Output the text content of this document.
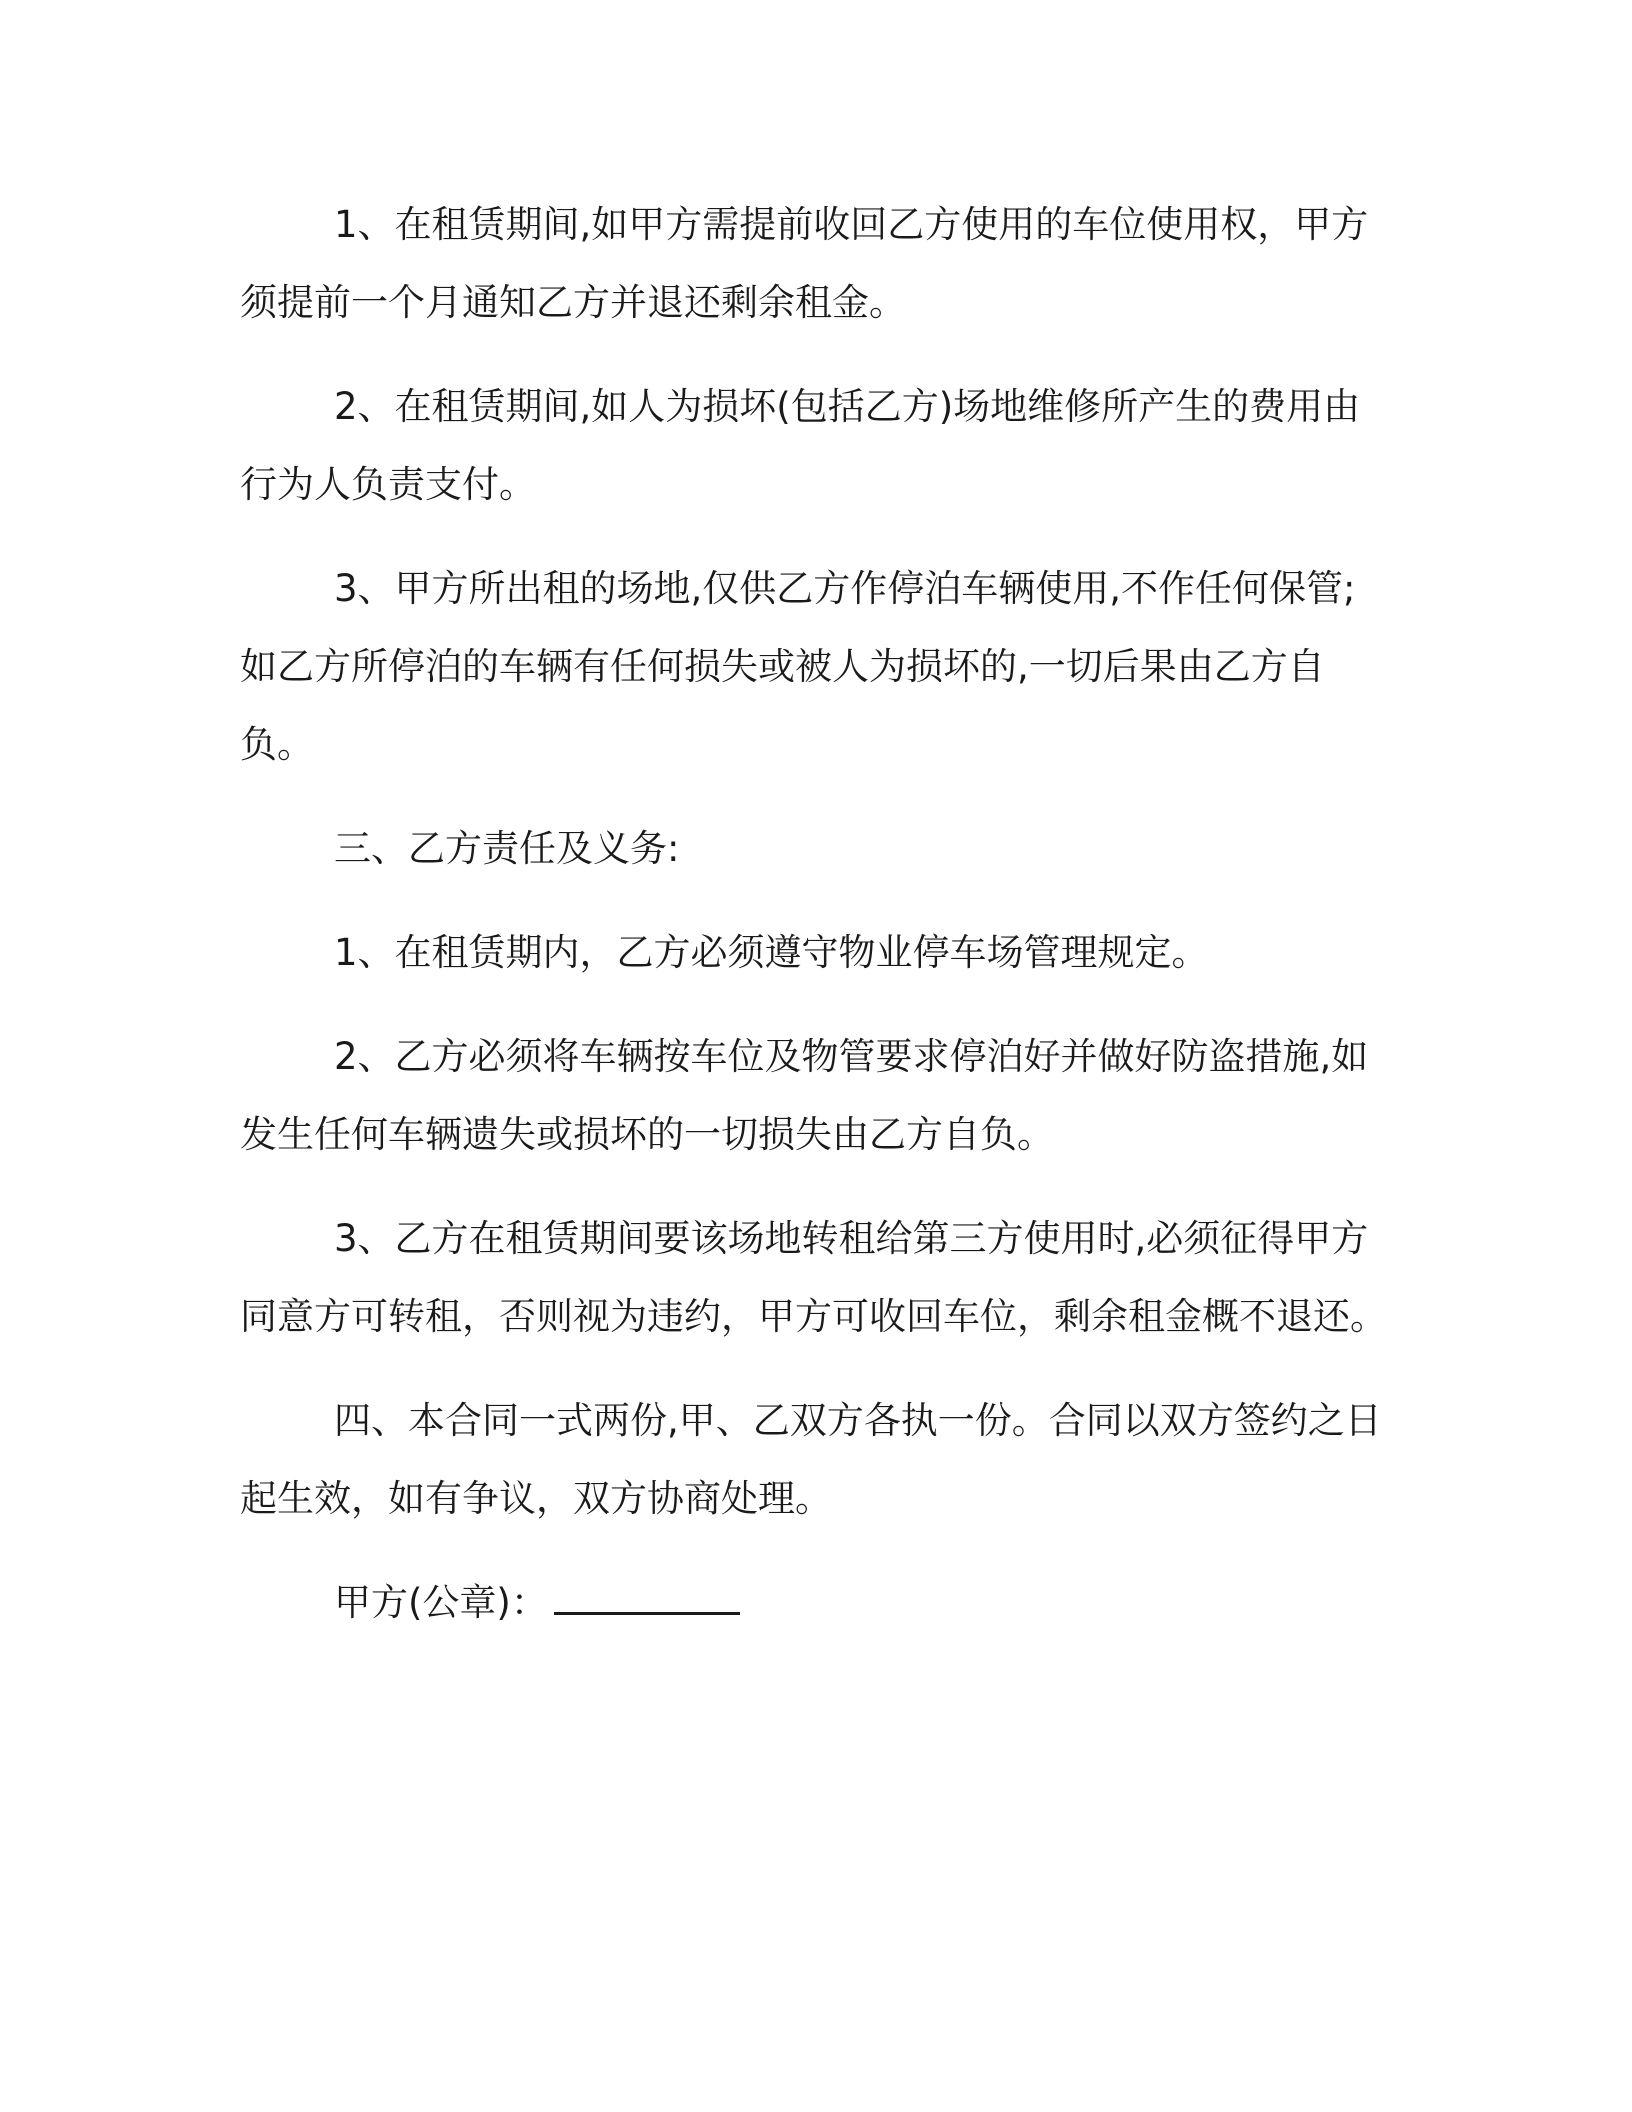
1、在租赁期间,如甲方需提前收回乙方使用的车位使用权，甲方须提前一个月通知乙方并退还剩余租金。

2、在租赁期间,如人为损坏(包括乙方)场地维修所产生的费用由行为人负责支付。

3、甲方所出租的场地,仅供乙方作停泊车辆使用,不作任何保管;如乙方所停泊的车辆有任何损失或被人为损坏的,一切后果由乙方自负。

三、乙方责任及义务:

1、在租赁期内，乙方必须遵守物业停车场管理规定。

2、乙方必须将车辆按车位及物管要求停泊好并做好防盗措施,如发生任何车辆遗失或损坏的一切损失由乙方自负。

3、乙方在租赁期间要该场地转租给第三方使用时,必须征得甲方同意方可转租，否则视为违约，甲方可收回车位，剩余租金概不退还。

四、本合同一式两份,甲、乙双方各执一份。合同以双方签约之日起生效，如有争议，双方协商处理。

甲方(公章)：
